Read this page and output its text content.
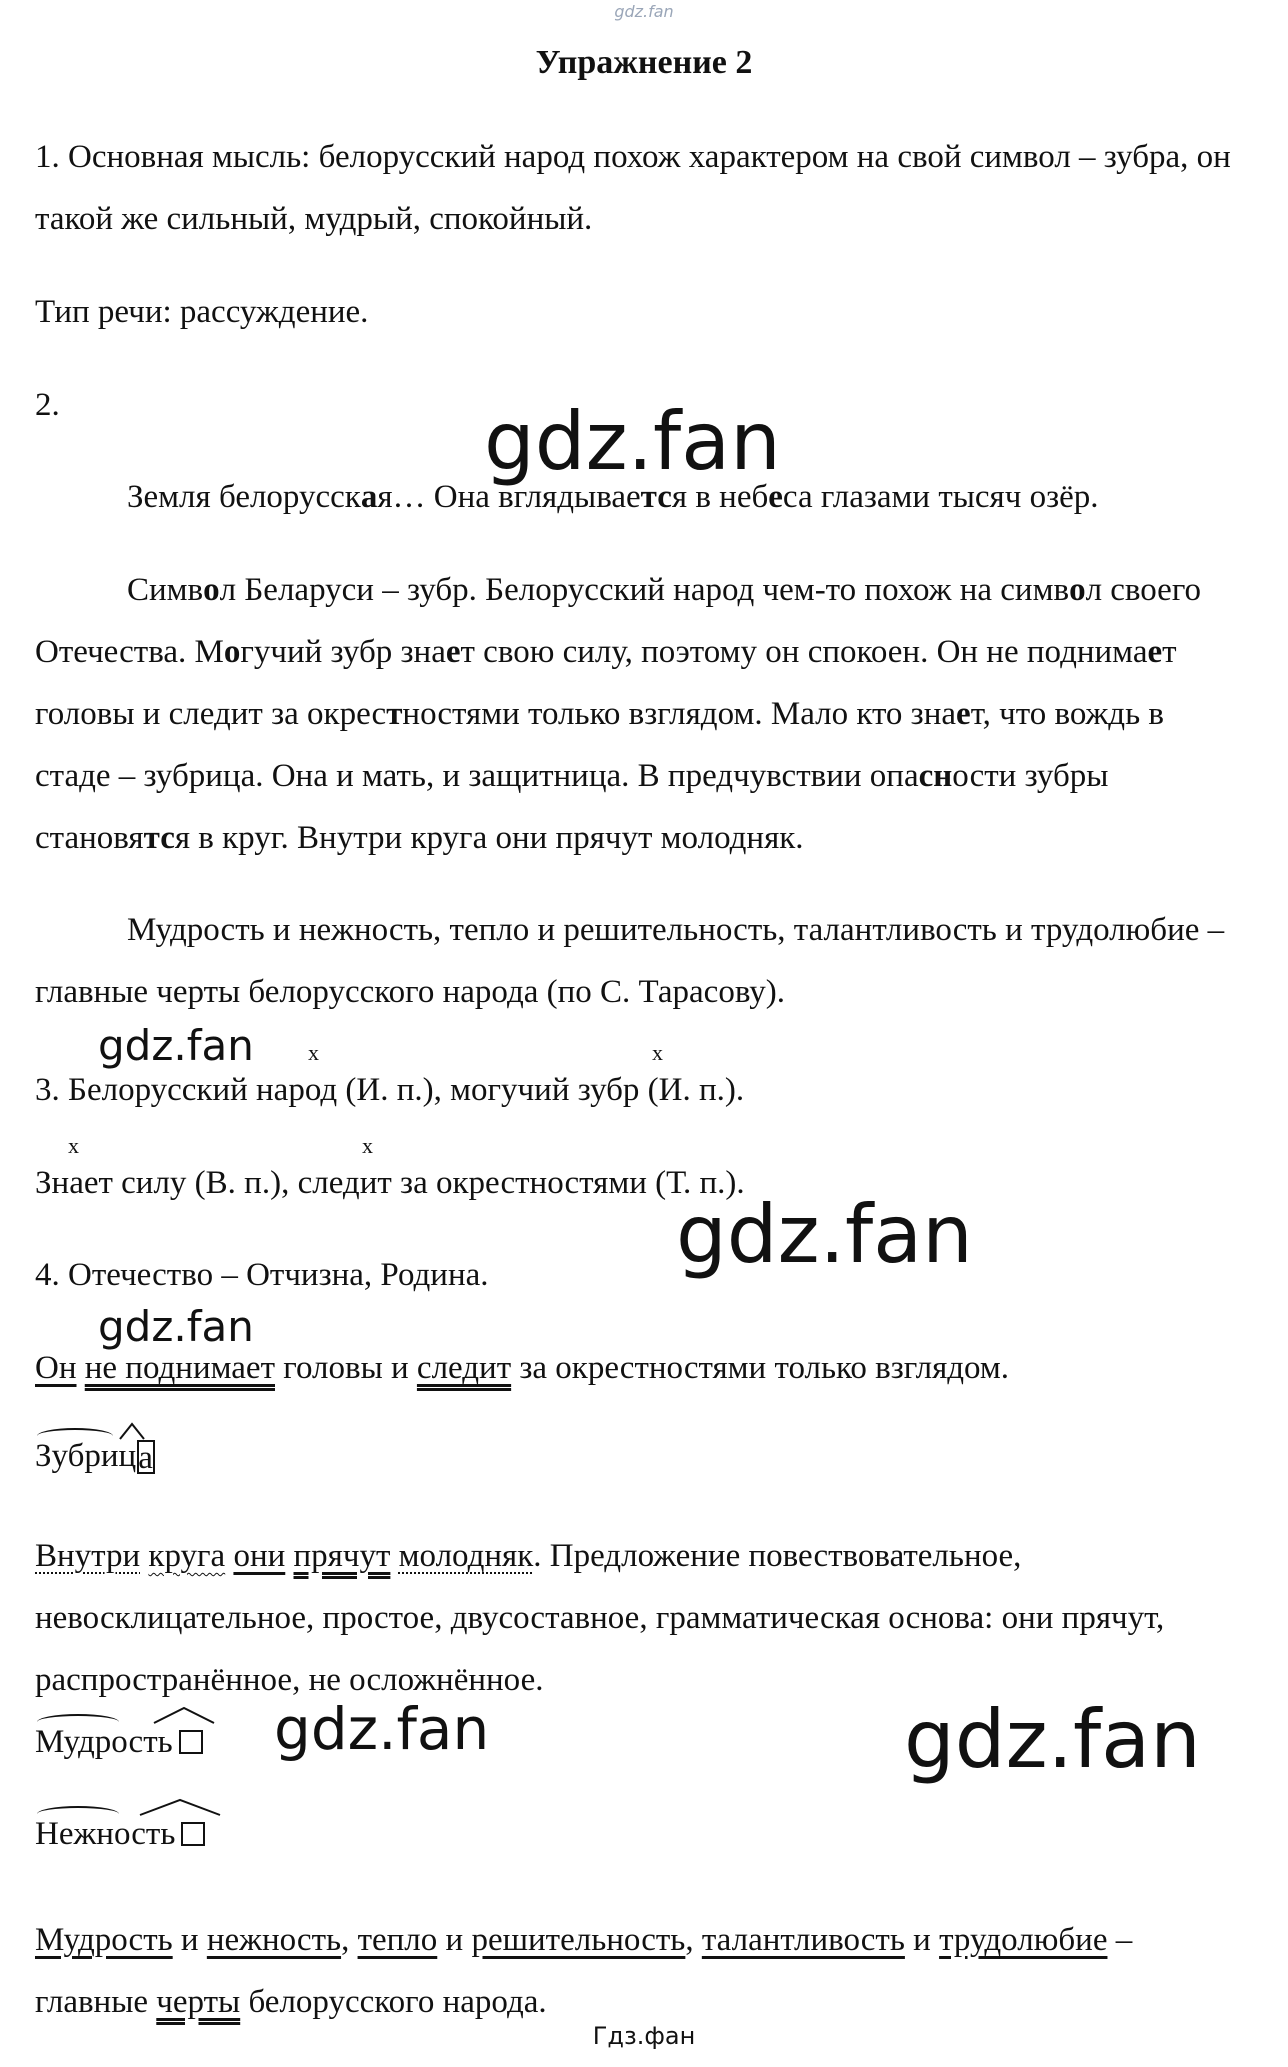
gdz.fan
Упражнение 2

1. Основная мысль: белорусский народ похож характером на свой символ – зубра, он такой же сильный, мудрый, спокойный.

Тип речи: рассуждение.

2.

Земля белорусская… Она вглядывается в небеса глазами тысяч озёр.

Символ Беларуси – зубр. Белорусский народ чем-то похож на символ своего Отечества. Могучий зубр знает свою силу, поэтому он спокоен. Он не поднимает головы и следит за окрестностями только взглядом. Мало кто знает, что вождь в стаде – зубрица. Она и мать, и защитница. В предчувствии опасности зубры становятся в круг. Внутри круга они прячут молодняк.

Мудрость и нежность, тепло и решительность, талантливость и трудолюбие – главные черты белорусского народа (по С. Тарасову).

x	x

3. Белорусский народ (И. п.), могучий зубр (И. п.).

x	x

Знает силу (В. п.), следит за окрестностями (Т. п.).

4. Отечество – Отчизна, Родина.

Он не поднимает головы и следит за окрестностями только взглядом.

Зубрица

Внутри круга они прячут молодняк. Предложение повествовательное, невосклицательное, простое, двусоставное, грамматическая основа: они прячут, распространённое, не осложнённое.

Мудрость
Нежность

Мудрость и нежность, тепло и решительность, талантливость и трудолюбие – главные черты белорусского народа.

gdz.fan
gdz.fan
gdz.fan
gdz.fan
gdz.fan	gdz.fan
Гдз.фан
